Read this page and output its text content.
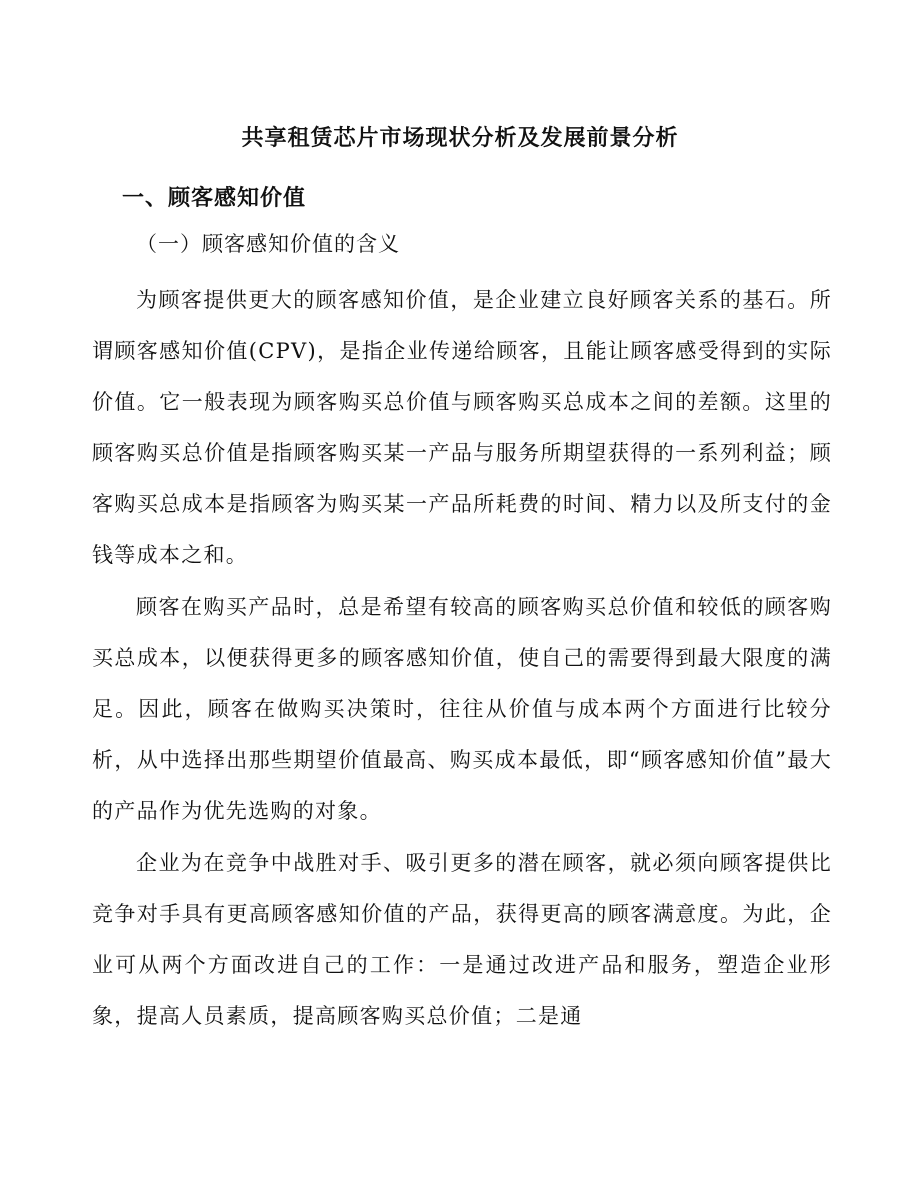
共享租赁芯片市场现状分析及发展前景分析
一、顾客感知价值
（一）顾客感知价值的含义

为顾客提供更大的顾客感知价值，是企业建立良好顾客关系的基石。所谓顾客感知价值(CPV)，是指企业传递给顾客，且能让顾客感受得到的实际价值。它一般表现为顾客购买总价值与顾客购买总成本之间的差额。这里的顾客购买总价值是指顾客购买某一产品与服务所期望获得的一系列利益；顾客购买总成本是指顾客为购买某一产品所耗费的时间、精力以及所支付的金钱等成本之和。

顾客在购买产品时，总是希望有较高的顾客购买总价值和较低的顾客购买总成本，以便获得更多的顾客感知价值，使自己的需要得到最大限度的满足。因此，顾客在做购买决策时，往往从价值与成本两个方面进行比较分析，从中选择出那些期望价值最高、购买成本最低，即“顾客感知价值”最大的产品作为优先选购的对象。

企业为在竞争中战胜对手、吸引更多的潜在顾客，就必须向顾客提供比竞争对手具有更高顾客感知价值的产品，获得更高的顾客满意度。为此，企业可从两个方面改进自己的工作：一是通过改进产品和服务，塑造企业形象，提高人员素质，提高顾客购买总价值；二是通
